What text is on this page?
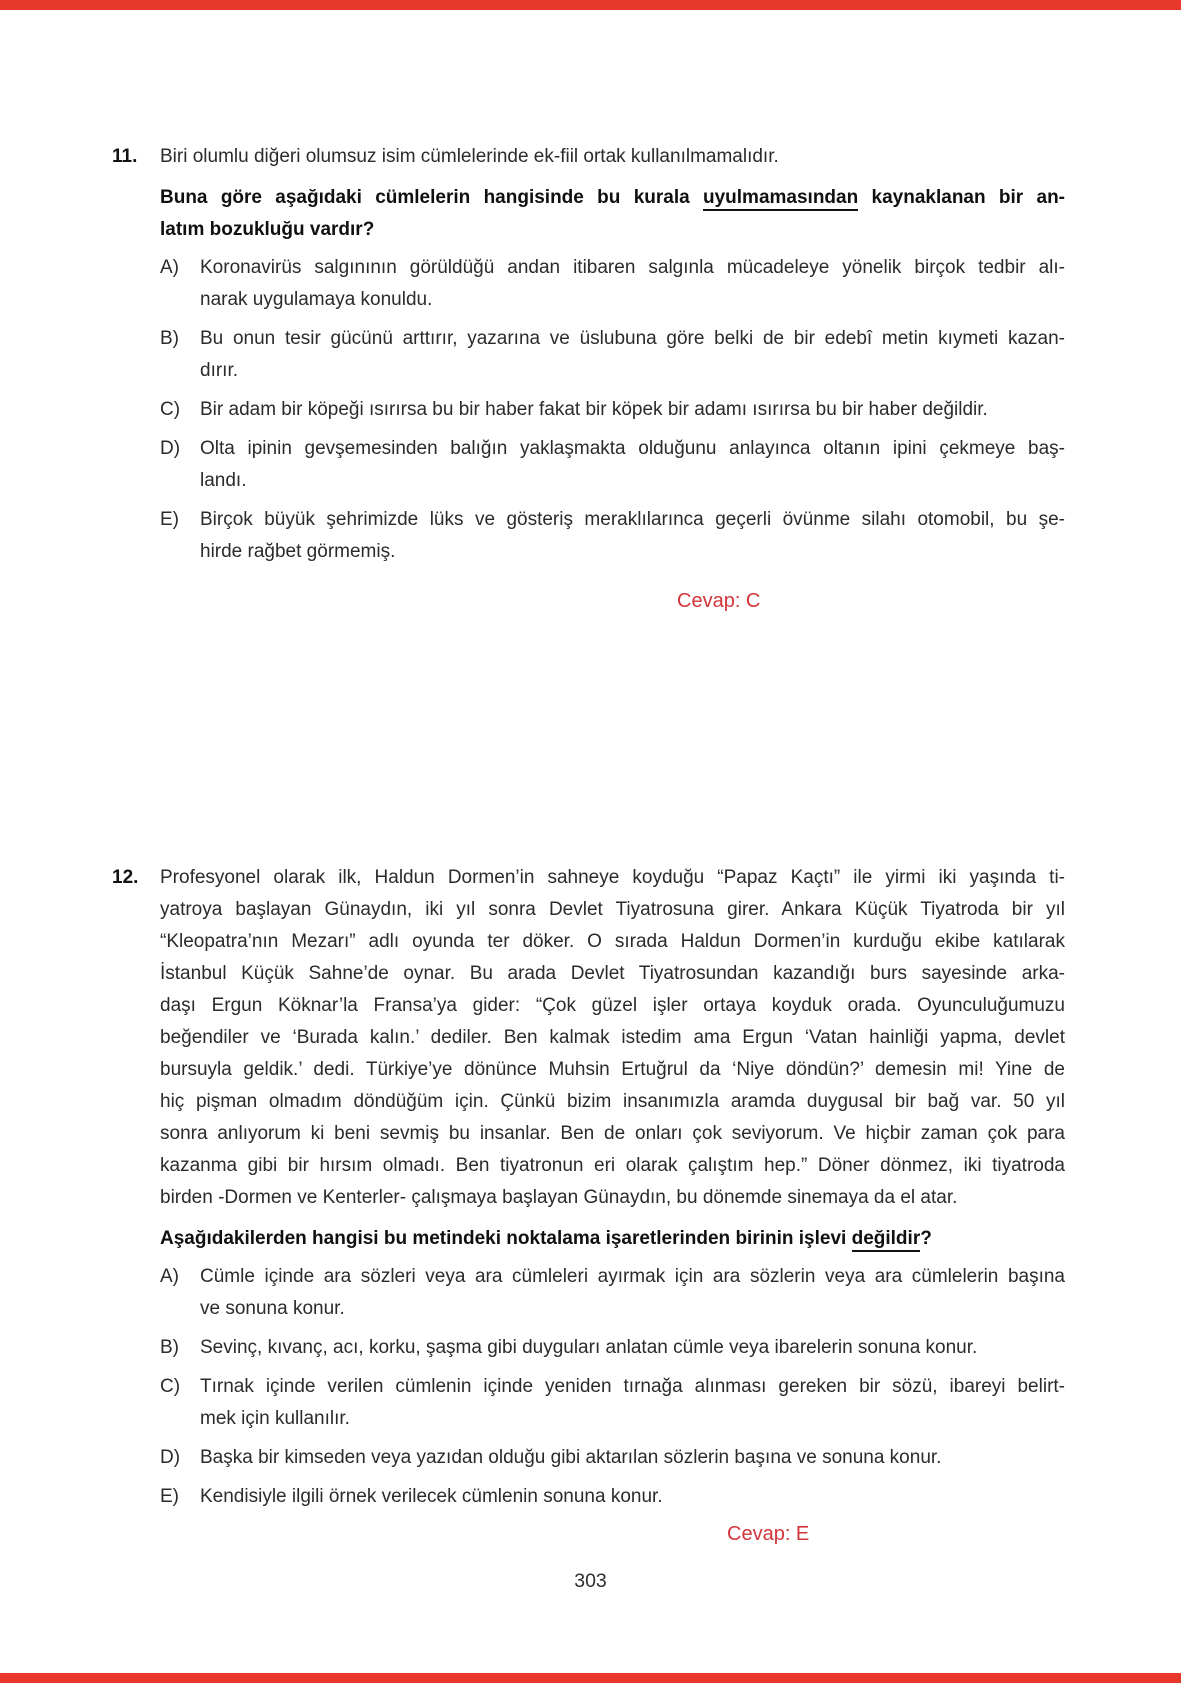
11.	Biri olumlu diğeri olumsuz isim cümlelerinde ek-fiil ortak kullanılmamalıdır.
Buna göre aşağıdaki cümlelerin hangisinde bu kurala uyulmamasından kaynaklanan bir an-
latım bozukluğu vardır?
A)	Koronavirüs salgınının görüldüğü andan itibaren salgınla mücadeleye yönelik birçok tedbir alı-
narak uygulamaya konuldu.
B)	Bu onun tesir gücünü arttırır, yazarına ve üslubuna göre belki de bir edebî metin kıymeti kazan-
dırır.
C)	Bir adam bir köpeği ısırırsa bu bir haber fakat bir köpek bir adamı ısırırsa bu bir haber değildir.
D)	Olta ipinin gevşemesinden balığın yaklaşmakta olduğunu anlayınca oltanın ipini çekmeye baş-
landı.
E)	Birçok büyük şehrimizde lüks ve gösteriş meraklılarınca geçerli övünme silahı otomobil, bu şe-
hirde rağbet görmemiş.
Cevap: C
12.	Profesyonel olarak ilk, Haldun Dormen’in sahneye koyduğu “Papaz Kaçtı” ile yirmi iki yaşında ti-
yatroya başlayan Günaydın, iki yıl sonra Devlet Tiyatrosuna girer. Ankara Küçük Tiyatroda bir yıl
“Kleopatra’nın Mezarı” adlı oyunda ter döker. O sırada Haldun Dormen’in kurduğu ekibe katılarak
İstanbul Küçük Sahne’de oynar. Bu arada Devlet Tiyatrosundan kazandığı burs sayesinde arka-
daşı Ergun Köknar’la Fransa’ya gider: “Çok güzel işler ortaya koyduk orada. Oyunculuğumuzu
beğendiler ve ‘Burada kalın.’ dediler. Ben kalmak istedim ama Ergun ‘Vatan hainliği yapma, devlet
bursuyla geldik.’ dedi. Türkiye’ye dönünce Muhsin Ertuğrul da ‘Niye döndün?’ demesin mi! Yine de
hiç pişman olmadım döndüğüm için. Çünkü bizim insanımızla aramda duygusal bir bağ var. 50 yıl
sonra anlıyorum ki beni sevmiş bu insanlar. Ben de onları çok seviyorum. Ve hiçbir zaman çok para
kazanma gibi bir hırsım olmadı. Ben tiyatronun eri olarak çalıştım hep.” Döner dönmez, iki tiyatroda
birden -Dormen ve Kenterler- çalışmaya başlayan Günaydın, bu dönemde sinemaya da el atar.
Aşağıdakilerden hangisi bu metindeki noktalama işaretlerinden birinin işlevi değildir?
A)	Cümle içinde ara sözleri veya ara cümleleri ayırmak için ara sözlerin veya ara cümlelerin başına
ve sonuna konur.
B)	Sevinç, kıvanç, acı, korku, şaşma gibi duyguları anlatan cümle veya ibarelerin sonuna konur.
C)	Tırnak içinde verilen cümlenin içinde yeniden tırnağa alınması gereken bir sözü, ibareyi belirt-
mek için kullanılır.
D)	Başka bir kimseden veya yazıdan olduğu gibi aktarılan sözlerin başına ve sonuna konur.
E)	Kendisiyle ilgili örnek verilecek cümlenin sonuna konur.
Cevap: E
303
